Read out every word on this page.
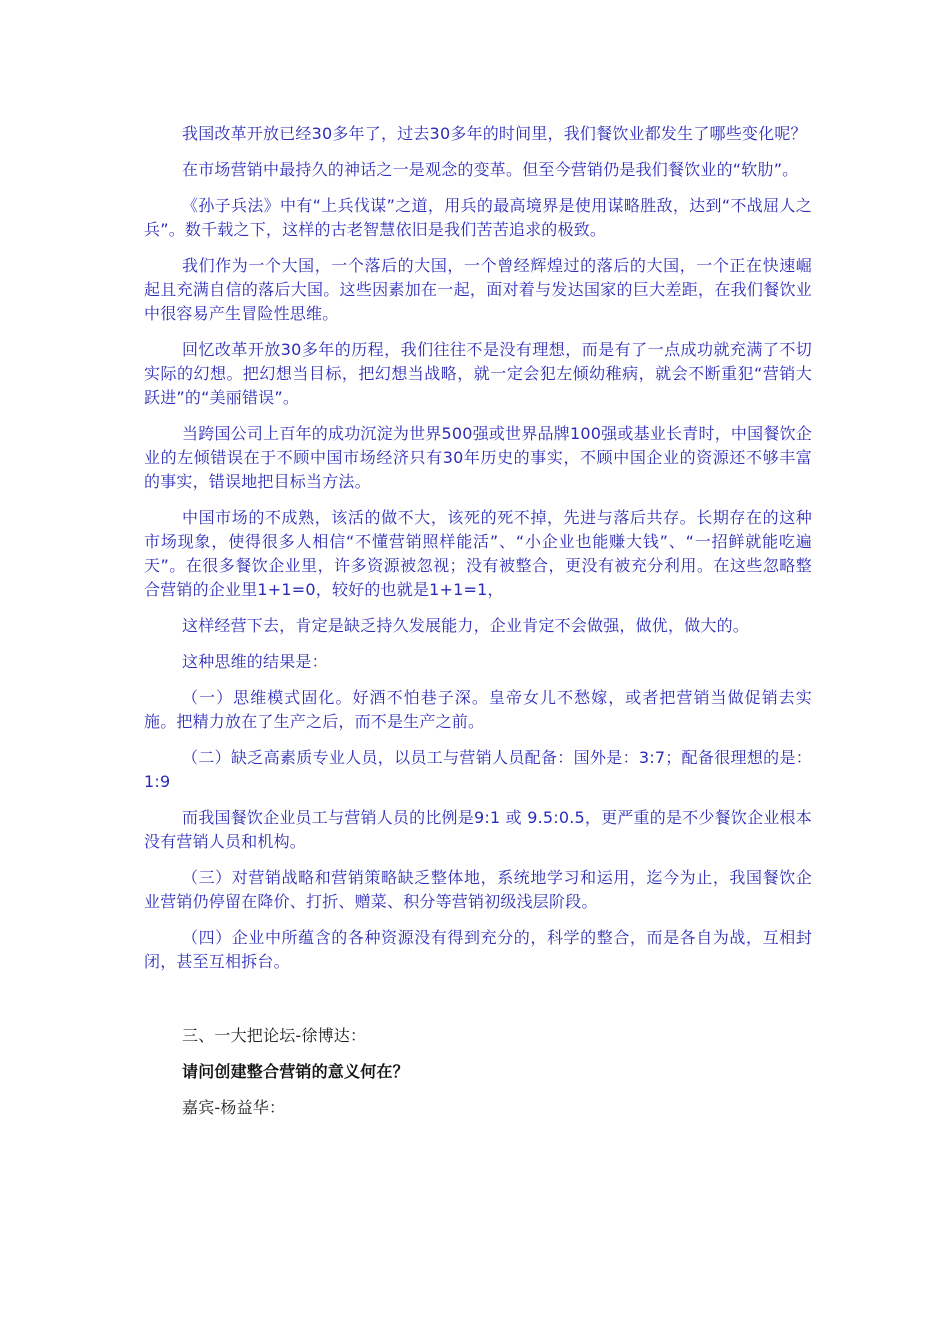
我国改革开放已经30多年了，过去30多年的时间里，我们餐饮业都发生了哪些变化呢？

在市场营销中最持久的神话之一是观念的变革。但至今营销仍是我们餐饮业的“软肋”。

《孙子兵法》中有“上兵伐谋”之道，用兵的最高境界是使用谋略胜敌，达到“不战屈人之兵”。数千载之下，这样的古老智慧依旧是我们苦苦追求的极致。

我们作为一个大国，一个落后的大国，一个曾经辉煌过的落后的大国，一个正在快速崛起且充满自信的落后大国。这些因素加在一起，面对着与发达国家的巨大差距，在我们餐饮业中很容易产生冒险性思维。

回忆改革开放30多年的历程，我们往往不是没有理想，而是有了一点成功就充满了不切实际的幻想。把幻想当目标，把幻想当战略，就一定会犯左倾幼稚病，就会不断重犯“营销大跃进”的“美丽错误”。

当跨国公司上百年的成功沉淀为世界500强或世界品牌100强或基业长青时，中国餐饮企业的左倾错误在于不顾中国市场经济只有30年历史的事实，不顾中国企业的资源还不够丰富的事实，错误地把目标当方法。

中国市场的不成熟，该活的做不大，该死的死不掉，先进与落后共存。长期存在的这种市场现象，使得很多人相信“不懂营销照样能活”、“小企业也能赚大钱”、“一招鲜就能吃遍天”。在很多餐饮企业里，许多资源被忽视；没有被整合，更没有被充分利用。在这些忽略整合营销的企业里1+1=0，较好的也就是1+1=1，

这样经营下去，肯定是缺乏持久发展能力，企业肯定不会做强，做优，做大的。

这种思维的结果是：

（一）思维模式固化。好酒不怕巷子深。皇帝女儿不愁嫁，或者把营销当做促销去实施。把精力放在了生产之后，而不是生产之前。

（二）缺乏高素质专业人员，以员工与营销人员配备：国外是：3:7；配备很理想的是：1:9

而我国餐饮企业员工与营销人员的比例是9:1 或 9.5:0.5，更严重的是不少餐饮企业根本没有营销人员和机构。

（三）对营销战略和营销策略缺乏整体地，系统地学习和运用，迄今为止，我国餐饮企业营销仍停留在降价、打折、赠菜、积分等营销初级浅层阶段。

（四）企业中所蕴含的各种资源没有得到充分的，科学的整合，而是各自为战，互相封闭，甚至互相拆台。

三、一大把论坛-徐博达：

请问创建整合营销的意义何在？

嘉宾-杨益华：
